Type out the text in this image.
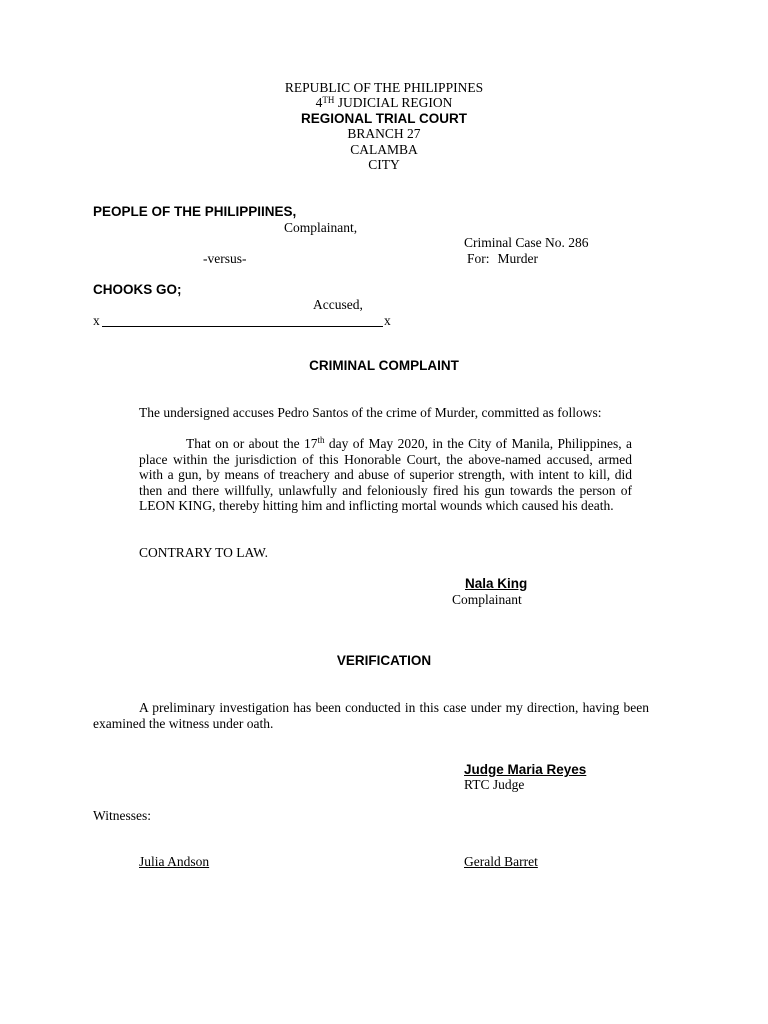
REPUBLIC OF THE PHILIPPINES
4TH JUDICIAL REGION
REGIONAL TRIAL COURT
BRANCH 27
CALAMBA
CITY
PEOPLE OF THE PHILIPPIINES,
Complainant,
Criminal Case No. 286
-versus-	For: Murder
CHOOKS GO;
Accused,
x	x
CRIMINAL COMPLAINT
The undersigned accuses Pedro Santos of the crime of Murder, committed as follows:
That on or about the 17th day of May 2020, in the City of Manila, Philippines, a place within the jurisdiction of this Honorable Court, the above-named accused, armed with a gun, by means of treachery and abuse of superior strength, with intent to kill, did then and there willfully, unlawfully and feloniously fired his gun towards the person of LEON KING, thereby hitting him and inflicting mortal wounds which caused his death.
CONTRARY TO LAW.
Nala King
Complainant
VERIFICATION
A preliminary investigation has been conducted in this case under my direction, having been examined the witness under oath.
Judge Maria Reyes
RTC Judge
Witnesses:
Julia Andson	Gerald Barret
